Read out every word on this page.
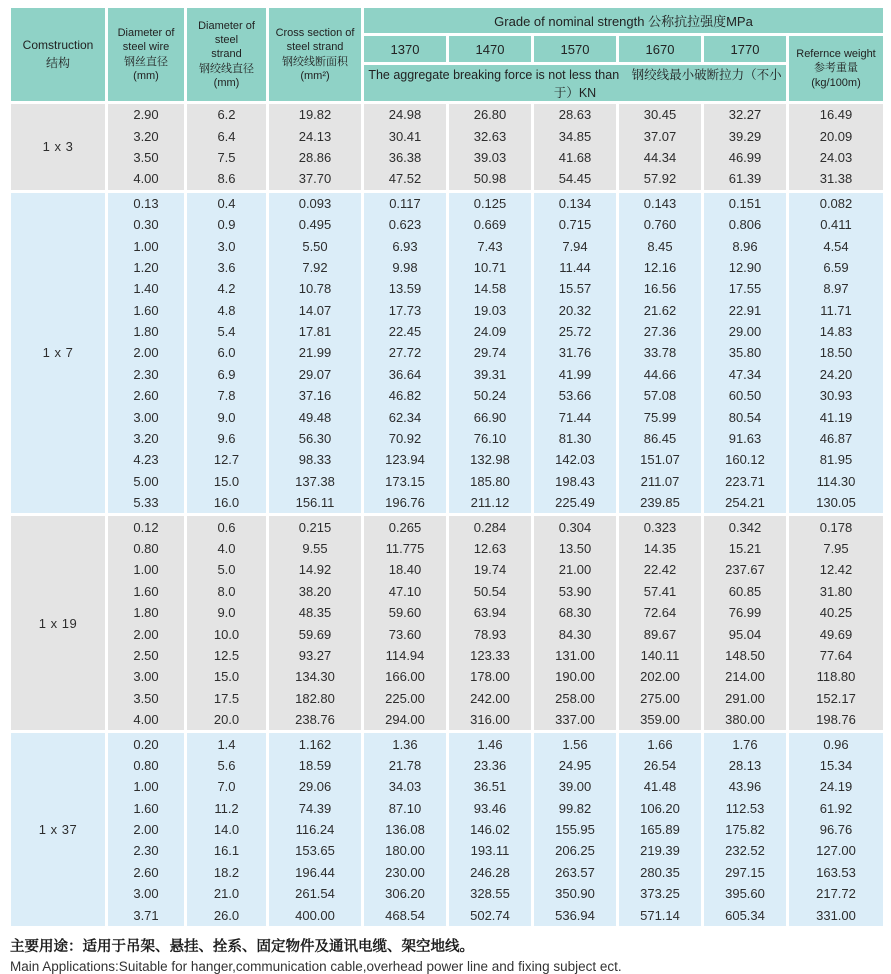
Comstruction
结构	Diameter of
steel wire
钢丝直径
(mm)	Diameter of steel
strand
钢绞线直径
(mm)	Cross section of
steel strand
钢绞线断面积
(mm²)	Grade of nominal strength 公称抗拉强度MPa					
				1370	1470	1570	1670	1770	Refernce weight
参考重量
(kg/100m)
				The aggregate breaking force is not less than　钢绞线最小破断拉力（不小于）KN					
1 x 3	2.90	6.2	19.82	24.98	26.80	28.63	30.45	32.27	16.49
	3.20	6.4	24.13	30.41	32.63	34.85	37.07	39.29	20.09
	3.50	7.5	28.86	36.38	39.03	41.68	44.34	46.99	24.03
	4.00	8.6	37.70	47.52	50.98	54.45	57.92	61.39	31.38
1 x 7	0.13	0.4	0.093	0.117	0.125	0.134	0.143	0.151	0.082
	0.30	0.9	0.495	0.623	0.669	0.715	0.760	0.806	0.411
	1.00	3.0	5.50	6.93	7.43	7.94	8.45	8.96	4.54
	1.20	3.6	7.92	9.98	10.71	11.44	12.16	12.90	6.59
	1.40	4.2	10.78	13.59	14.58	15.57	16.56	17.55	8.97
	1.60	4.8	14.07	17.73	19.03	20.32	21.62	22.91	11.71
	1.80	5.4	17.81	22.45	24.09	25.72	27.36	29.00	14.83
	2.00	6.0	21.99	27.72	29.74	31.76	33.78	35.80	18.50
	2.30	6.9	29.07	36.64	39.31	41.99	44.66	47.34	24.20
	2.60	7.8	37.16	46.82	50.24	53.66	57.08	60.50	30.93
	3.00	9.0	49.48	62.34	66.90	71.44	75.99	80.54	41.19
	3.20	9.6	56.30	70.92	76.10	81.30	86.45	91.63	46.87
	4.23	12.7	98.33	123.94	132.98	142.03	151.07	160.12	81.95
	5.00	15.0	137.38	173.15	185.80	198.43	211.07	223.71	114.30
	5.33	16.0	156.11	196.76	211.12	225.49	239.85	254.21	130.05
1 x 19	0.12	0.6	0.215	0.265	0.284	0.304	0.323	0.342	0.178
	0.80	4.0	9.55	11.775	12.63	13.50	14.35	15.21	7.95
	1.00	5.0	14.92	18.40	19.74	21.00	22.42	237.67	12.42
	1.60	8.0	38.20	47.10	50.54	53.90	57.41	60.85	31.80
	1.80	9.0	48.35	59.60	63.94	68.30	72.64	76.99	40.25
	2.00	10.0	59.69	73.60	78.93	84.30	89.67	95.04	49.69
	2.50	12.5	93.27	114.94	123.33	131.00	140.11	148.50	77.64
	3.00	15.0	134.30	166.00	178.00	190.00	202.00	214.00	118.80
	3.50	17.5	182.80	225.00	242.00	258.00	275.00	291.00	152.17
	4.00	20.0	238.76	294.00	316.00	337.00	359.00	380.00	198.76
1 x 37	0.20	1.4	1.162	1.36	1.46	1.56	1.66	1.76	0.96
	0.80	5.6	18.59	21.78	23.36	24.95	26.54	28.13	15.34
	1.00	7.0	29.06	34.03	36.51	39.00	41.48	43.96	24.19
	1.60	11.2	74.39	87.10	93.46	99.82	106.20	112.53	61.92
	2.00	14.0	116.24	136.08	146.02	155.95	165.89	175.82	96.76
	2.30	16.1	153.65	180.00	193.11	206.25	219.39	232.52	127.00
	2.60	18.2	196.44	230.00	246.28	263.57	280.35	297.15	163.53
	3.00	21.0	261.54	306.20	328.55	350.90	373.25	395.60	217.72
	3.71	26.0	400.00	468.54	502.74	536.94	571.14	605.34	331.00

主要用途：适用于吊架、悬挂、拴系、固定物件及通讯电缆、架空地线。

Main Applications:Suitable for hanger,communication cable,overhead power line and fixing subject ect.
